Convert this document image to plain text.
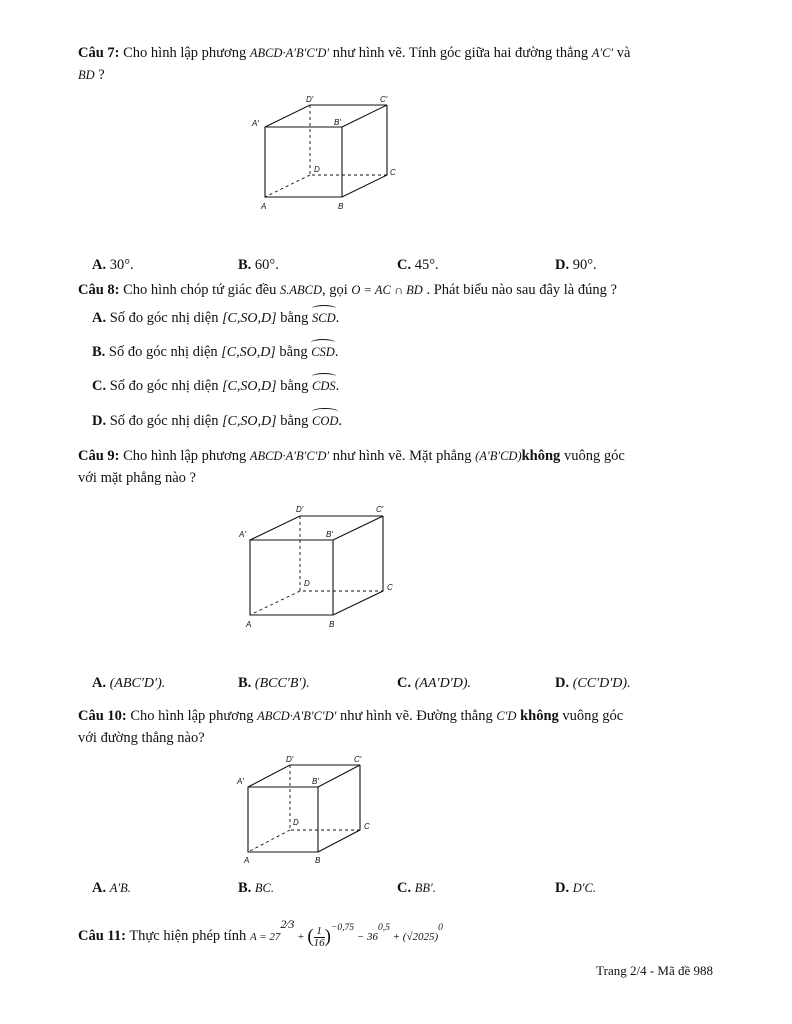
Câu 7: Cho hình lập phương ABCD·A′B′C′D′ như hình vẽ. Tính góc giữa hai đường thẳng A′C′ và
BD ?
A′
D′	C′
B′
D	C
A	B
A. 30°.	B. 60°.	C. 45°.	D. 90°.
Câu 8: Cho hình chóp tứ giác đều S.ABCD, gọi O = AC ∩ BD . Phát biểu nào sau đây là đúng ?
A. Số đo góc nhị diện [C,SO,D] bằng SCD.
B. Số đo góc nhị diện [C,SO,D] bằng CSD.
C. Số đo góc nhị diện [C,SO,D] bằng CDS.
D. Số đo góc nhị diện [C,SO,D] bằng COD.
Câu 9: Cho hình lập phương ABCD·A′B′C′D′ như hình vẽ. Mặt phẳng (A′B′CD)không vuông góc
với mặt phẳng nào ?
A′
D′	C′
B′
D	C
A	B
A. (ABC′D′).	B. (BCC′B′).	C. (AA′D′D).	D. (CC′D′D).
Câu 10: Cho hình lập phương ABCD·A′B′C′D′ như hình vẽ. Đường thẳng C′D không vuông góc
với đường thẳng nào?
A′
D′	C′
B′
D	C
A	B
A. A′B.	B. BC.	C. BB′.	D. D′C.
Câu 11: Thực hiện phép tính A = 272⁄3 + ( $\frac{1}{16} )-0,75 - 360,5 + (√2025)0$
Trang 2/4 - Mã đề 988
